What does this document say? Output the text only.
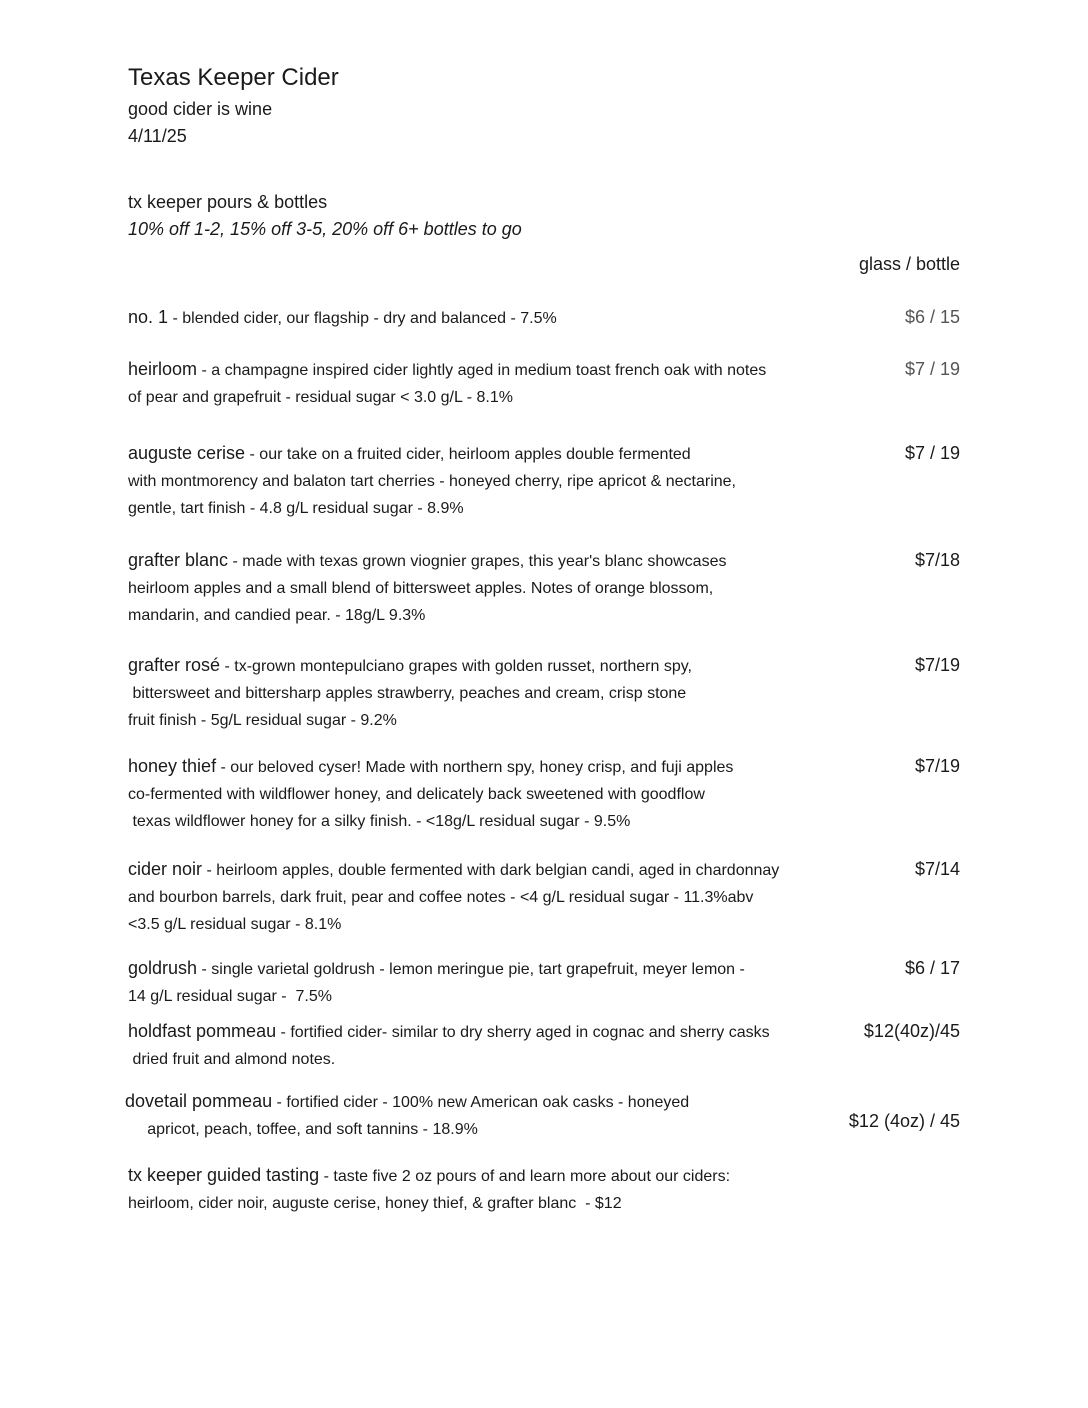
Texas Keeper Cider
good cider is wine
4/11/25
tx keeper pours & bottles
10% off 1-2, 15% off 3-5, 20% off 6+ bottles to go
glass / bottle
no. 1 - blended cider, our flagship - dry and balanced - 7.5%	$6 / 15
heirloom - a champagne inspired cider lightly aged in medium toast french oak with notes
of pear and grapefruit - residual sugar < 3.0 g/L - 8.1%
$7 / 19
auguste cerise - our take on a fruited cider, heirloom apples double fermented
with montmorency and balaton tart cherries - honeyed cherry, ripe apricot & nectarine,
gentle, tart finish - 4.8 g/L residual sugar - 8.9%
$7 / 19
grafter blanc - made with texas grown viognier grapes, this year's blanc showcases
heirloom apples and a small blend of bittersweet apples. Notes of orange blossom,
mandarin, and candied pear. - 18g/L 9.3%
$7/18
grafter rosé - tx-grown montepulciano grapes with golden russet, northern spy,
bittersweet and bittersharp apples strawberry, peaches and cream, crisp stone
fruit finish - 5g/L residual sugar - 9.2%
$7/19
honey thief - our beloved cyser! Made with northern spy, honey crisp, and fuji apples
co-fermented with wildflower honey, and delicately back sweetened with goodflow
texas wildflower honey for a silky finish. - <18g/L residual sugar - 9.5%
$7/19
cider noir - heirloom apples, double fermented with dark belgian candi, aged in chardonnay
and bourbon barrels, dark fruit, pear and coffee notes - <4 g/L residual sugar - 11.3%abv
<3.5 g/L residual sugar - 8.1%
$7/14
goldrush - single varietal goldrush - lemon meringue pie, tart grapefruit, meyer lemon -
14 g/L residual sugar -  7.5%
$6 / 17
holdfast pommeau - fortified cider- similar to dry sherry aged in cognac and sherry casks
dried fruit and almond notes.
$12(40z)/45
dovetail pommeau - fortified cider - 100% new American oak casks - honeyed
apricot, peach, toffee, and soft tannins - 18.9%	$12 (4oz) / 45
tx keeper guided tasting - taste five 2 oz pours of and learn more about our ciders:
heirloom, cider noir, auguste cerise, honey thief, & grafter blanc  - $12
